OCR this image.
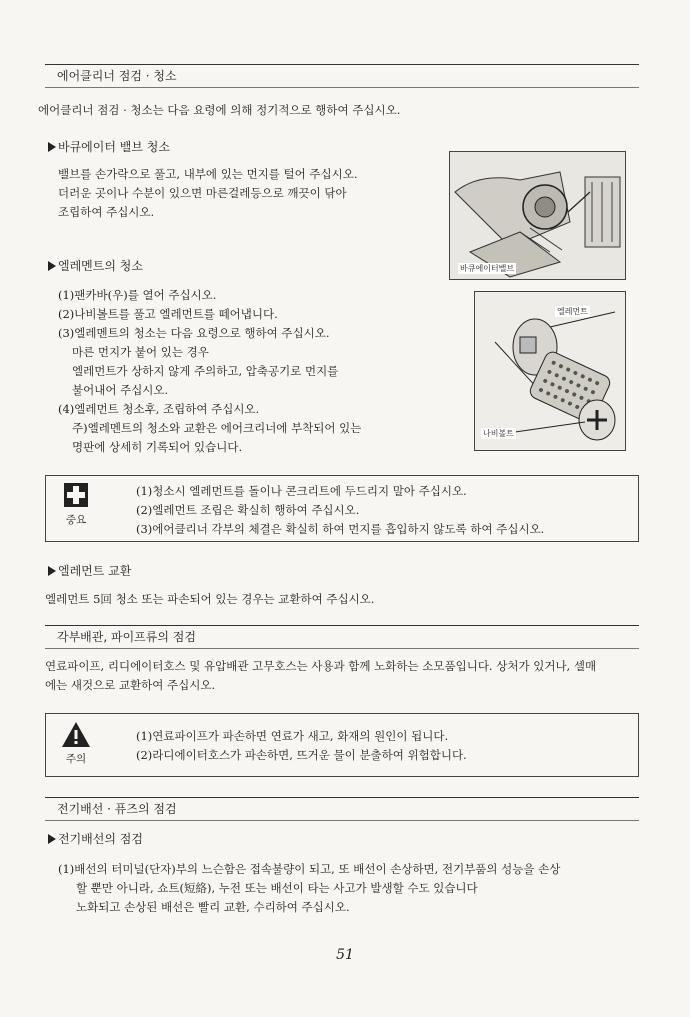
에어클리너 점검 · 청소
에어클리너 점검 · 청소는 다음 요령에 의해 정기적으로 행하여 주십시오.
바큐에이터 밸브 청소
밸브를 손가락으로 풀고, 내부에 있는 먼지를 털어 주십시오.
더러운 곳이나 수분이 있으면 마른걸레등으로 깨끗이 닦아
조립하여 주십시오.
바큐에이터밸브
엘레멘트의 청소
(1)팬카바(우)를 열어 주십시오.
(2)나비볼트를 풀고 엘레먼트를 떼어냅니다.
(3)엘레멘트의 청소는 다음 요령으로 행하여 주십시오.
마른 먼지가 붙어 있는 경우
엘레먼트가 상하지 않게 주의하고, 압축공기로 먼지를
불어내어 주십시오.
(4)엘레먼트 청소후, 조립하여 주십시오.
주)엘레멘트의 청소와 교환은 에어크리너에 부착되어 있는
명판에 상세히 기록되어 있습니다.
엘레먼트
나비볼트
중요
(1)청소시 엘레먼트를 돌이나 콘크리트에 두드리지 말아 주십시오.
(2)엘레먼트 조립은 확실히 행하여 주십시오.
(3)에어클리너 각부의 체결은 확실히 하여 먼지를 흡입하지 않도록 하여 주십시오.
엘레먼트 교환
엘레먼트 5回 청소 또는 파손되어 있는 경우는 교환하여 주십시오.
각부배관, 파이프류의 점검
연료파이프, 리디에이터호스 및 유압배관 고무호스는 사용과 함께 노화하는 소모품입니다. 상처가 있거나, 셀매
에는 새것으로 교환하여 주십시오.
주의
(1)연료파이프가 파손하면 연료가 새고, 화재의 원인이 됩니다.
(2)라디에이터호스가 파손하면, 뜨거운 물이 분출하여 위험합니다.
전기배선 · 퓨즈의 점검
전기배선의 점검
(1)배선의 터미널(단자)부의 느슨함은 접속불량이 되고, 또 배선이 손상하면, 전기부품의 성능을 손상
할 뿐만 아니라, 쇼트(短絡), 누전 또는 배선이 타는 사고가 발생할 수도 있습니다
노화되고 손상된 배선은 빨리 교환, 수리하여 주십시오.
51
